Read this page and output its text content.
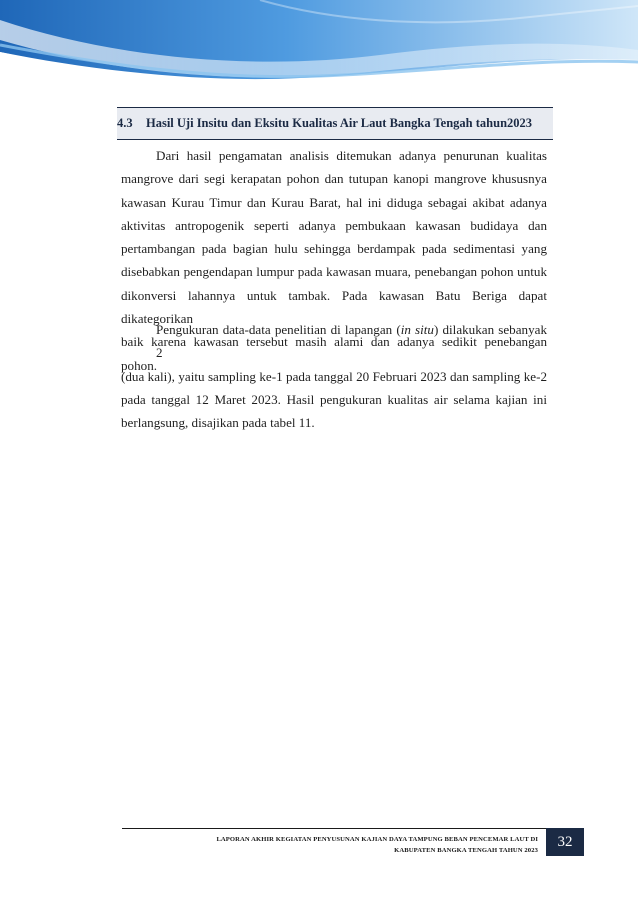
4.3 Hasil Uji Insitu dan Eksitu Kualitas Air Laut Bangka Tengah tahun2023
Dari hasil pengamatan analisis ditemukan adanya penurunan kualitas
mangrove dari segi kerapatan pohon dan tutupan kanopi mangrove khususnya
kawasan Kurau Timur dan Kurau Barat, hal ini diduga sebagai akibat adanya
aktivitas antropogenik seperti adanya pembukaan kawasan budidaya dan
pertambangan pada bagian hulu sehingga berdampak pada sedimentasi yang
disebabkan pengendapan lumpur pada kawasan muara, penebangan pohon untuk
dikonversi lahannya untuk tambak. Pada kawasan Batu Beriga dapat dikategorikan
baik karena kawasan tersebut masih alami dan adanya sedikit penebangan pohon.
Pengukuran data-data penelitian di lapangan (in situ) dilakukan sebanyak 2
(dua kali), yaitu sampling ke-1 pada tanggal 20 Februari 2023 dan sampling ke-2
pada tanggal 12 Maret 2023. Hasil pengukuran kualitas air selama kajian ini
berlangsung, disajikan pada tabel 11.
LAPORAN AKHIR KEGIATAN PENYUSUNAN KAJIAN DAYA TAMPUNG BEBAN PENCEMAR LAUT DI
KABUPATEN BANGKA TENGAH TAHUN 2023
32
